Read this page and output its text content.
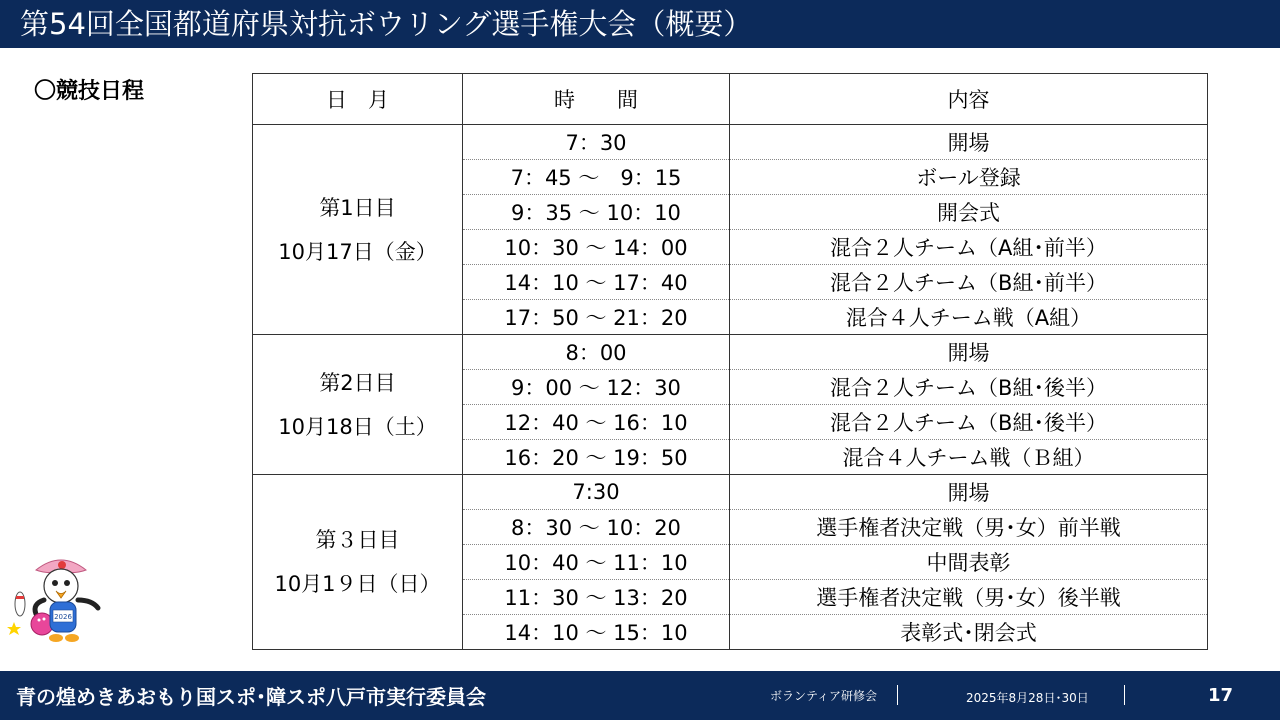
第54回全国都道府県対抗ボウリング選手権大会（概要）
〇競技日程	日　月	時　　間	内容

第1日目
10月17日（金）	7：30	開場
	7：45 ～　9：15	ボール登録
	9：35 ～ 10：10	開会式
	10：30 ～ 14：00	混合２人チーム（A組･前半）
	14：10 ～ 17：40	混合２人チーム（B組･前半）
	17：50 ～ 21：20	混合４人チーム戦（A組）

第2日目
10月18日（土）	8：00	開場
	9：00 ～ 12：30	混合２人チーム（B組･後半）
	12：40 ～ 16：10	混合２人チーム（B組･後半）
	16：20 ～ 19：50	混合４人チーム戦（Ｂ組）

第３日目
10月1９日（日）	7:30	開場
	8：30 ～ 10：20	選手権者決定戦（男･女）前半戦
	10：40 ～ 11：10	中間表彰
	11：30 ～ 13：20	選手権者決定戦（男･女）後半戦
	14：10 ～ 15：10	表彰式･閉会式
2026
青の煌めきあおもり国スポ･障スポ八戸市実行委員会	ボランティア研修会	2025年8月28日･30日	17
